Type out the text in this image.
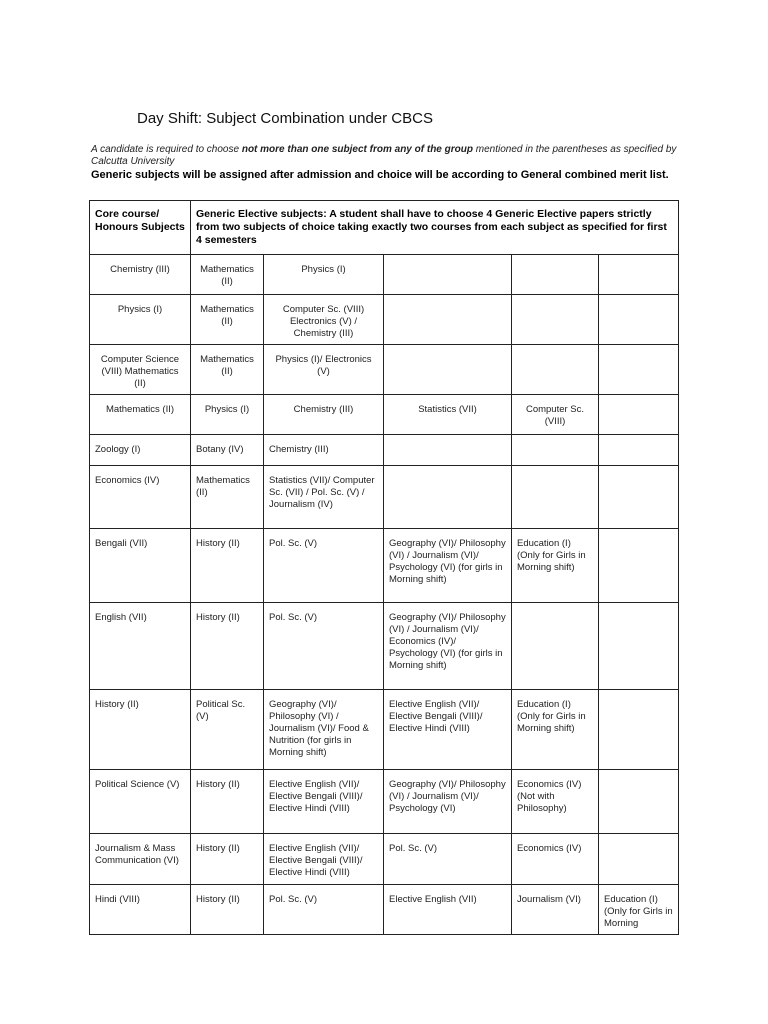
Day Shift: Subject Combination under CBCS
A candidate is required to choose not more than one subject from any of the group mentioned in the parentheses as specified by Calcutta University
Generic subjects will be assigned after admission and choice will be according to General combined merit list.
Core course/ Honours Subjects	Generic Elective subjects: A student shall have to choose 4 Generic Elective papers strictly from two subjects of choice taking exactly two courses from each subject as specified for first 4 semesters				
Chemistry (III)	Mathematics (II)	Physics (I)			
Physics (I)	Mathematics (II)	Computer Sc. (VIII) Electronics (V) / Chemistry (III)			
Computer Science (VIII) Mathematics (II)	Mathematics (II)	Physics (I)/ Electronics (V)			
Mathematics (II)	Physics (I)	Chemistry (III)	Statistics (VII)	Computer Sc. (VIII)	
Zoology (I)	Botany (IV)	Chemistry (III)			
Economics (IV)	Mathematics (II)	Statistics (VII)/ Computer Sc. (VII) / Pol. Sc. (V) / Journalism (IV)			
Bengali (VII)	History (II)	Pol. Sc. (V)	Geography (VI)/ Philosophy (VI) / Journalism (VI)/ Psychology (VI) (for girls in Morning shift)	Education (I) (Only for Girls in Morning shift)	
English (VII)	History (II)	Pol. Sc. (V)	Geography (VI)/ Philosophy (VI) / Journalism (VI)/ Economics (IV)/ Psychology (VI) (for girls in Morning shift)		
History (II)	Political Sc. (V)	Geography (VI)/ Philosophy (VI) / Journalism (VI)/ Food & Nutrition (for girls in Morning shift)	Elective English (VII)/ Elective Bengali (VIII)/ Elective Hindi (VIII)	Education (I) (Only for Girls in Morning shift)	
Political Science (V)	History (II)	Elective English (VII)/ Elective Bengali (VIII)/ Elective Hindi (VIII)	Geography (VI)/ Philosophy (VI) / Journalism (VI)/ Psychology (VI)	Economics (IV) (Not with Philosophy)	
Journalism & Mass Communication (VI)	History (II)	Elective English (VII)/ Elective Bengali (VIII)/ Elective Hindi (VIII)	Pol. Sc. (V)	Economics (IV)	
Hindi (VIII)	History (II)	Pol. Sc. (V)	Elective English (VII)	Journalism (VI)	Education (I) (Only for Girls in Morning
